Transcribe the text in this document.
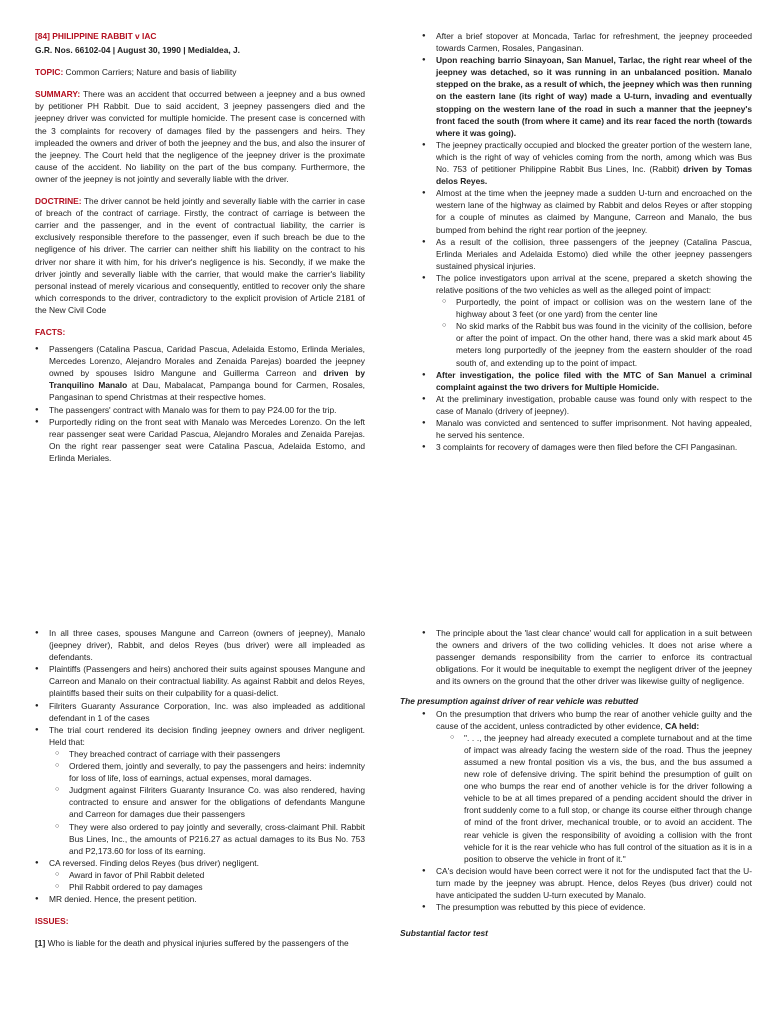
[84] PHILIPPINE RABBIT v IAC

G.R. Nos. 66102-04 | August 30, 1990 | Medialdea, J.

TOPIC: Common Carriers; Nature and basis of liability

SUMMARY: There was an accident that occurred between a jeepney and a bus owned by petitioner PH Rabbit. Due to said accident, 3 jeepney passengers died and the jeepney driver was convicted for multiple homicide. The present case is concerned with the 3 complaints for recovery of damages filed by the passengers and heirs. They impleaded the owners and driver of both the jeepney and the bus, and also the insurer of the jeepney. The Court held that the negligence of the jeepney driver is the proximate cause of the accident. No liability on the part of the bus company. Furthermore, the owner of the jeepney is not jointly and severally liable with the driver.

DOCTRINE: The driver cannot be held jointly and severally liable with the carrier in case of breach of the contract of carriage. Firstly, the contract of carriage is between the carrier and the passenger, and in the event of contractual liability, the carrier is exclusively responsible therefore to the passenger, even if such breach be due to the negligence of his driver. The carrier can neither shift his liability on the contract to his driver nor share it with him, for his driver's negligence is his. Secondly, if we make the driver jointly and severally liable with the carrier, that would make the carrier's liability personal instead of merely vicarious and consequently, entitled to recover only the share which corresponds to the driver, contradictory to the explicit provision of Article 2181 of the New Civil Code

FACTS:

● Passengers (Catalina Pascua, Caridad Pascua, Adelaida Estomo, Erlinda Meriales, Mercedes Lorenzo, Alejandro Morales and Zenaida Parejas) boarded the jeepney owned by spouses Isidro Mangune and Guillerma Carreon and driven by Tranquilino Manalo at Dau, Mabalacat, Pampanga bound for Carmen, Rosales, Pangasinan to spend Christmas at their respective homes.
● The passengers' contract with Manalo was for them to pay P24.00 for the trip.
● Purportedly riding on the front seat with Manalo was Mercedes Lorenzo. On the left rear passenger seat were Caridad Pascua, Alejandro Morales and Zenaida Parejas. On the right rear passenger seat were Catalina Pascua, Adelaida Estomo, and Erlinda Meriales.
● After a brief stopover at Moncada, Tarlac for refreshment, the jeepney proceeded towards Carmen, Rosales, Pangasinan.
● Upon reaching barrio Sinayoan, San Manuel, Tarlac, the right rear wheel of the jeepney was detached, so it was running in an unbalanced position. Manalo stepped on the brake, as a result of which, the jeepney which was then running on the eastern lane (its right of way) made a U-turn, invading and eventually stopping on the western lane of the road in such a manner that the jeepney's front faced the south (from where it came) and its rear faced the north (towards where it was going).
● The jeepney practically occupied and blocked the greater portion of the western lane, which is the right of way of vehicles coming from the north, among which was Bus No. 753 of petitioner Philippine Rabbit Bus Lines, Inc. (Rabbit) driven by Tomas delos Reyes.
● Almost at the time when the jeepney made a sudden U-turn and encroached on the western lane of the highway as claimed by Rabbit and delos Reyes or after stopping for a couple of minutes as claimed by Mangune, Carreon and Manalo, the bus bumped from behind the right rear portion of the jeepney.
● As a result of the collision, three passengers of the jeepney (Catalina Pascua, Erlinda Meriales and Adelaida Estomo) died while the other jeepney passengers sustained physical injuries.
● The police investigators upon arrival at the scene, prepared a sketch showing the relative positions of the two vehicles as well as the alleged point of impact:
○ Purportedly, the point of impact or collision was on the western lane of the highway about 3 feet (or one yard) from the center line
○ No skid marks of the Rabbit bus was found in the vicinity of the collision, before or after the point of impact. On the other hand, there was a skid mark about 45 meters long purportedly of the jeepney from the eastern shoulder of the road south of, and extending up to the point of impact.
● After investigation, the police filed with the MTC of San Manuel a criminal complaint against the two drivers for Multiple Homicide.
● At the preliminary investigation, probable cause was found only with respect to the case of Manalo (drivery of jeepney).
● Manalo was convicted and sentenced to suffer imprisonment. Not having appealed, he served his sentence.
● 3 complaints for recovery of damages were then filed before the CFI Pangasinan.
● In all three cases, spouses Mangune and Carreon (owners of jeepney), Manalo (jeepney driver), Rabbit, and delos Reyes (bus driver) were all impleaded as defendants.
● Plaintiffs (Passengers and heirs) anchored their suits against spouses Mangune and Carreon and Manalo on their contractual liability. As against Rabbit and delos Reyes, plaintiffs based their suits on their culpability for a quasi-delict.
● Filriters Guaranty Assurance Corporation, Inc. was also impleaded as additional defendant in 1 of the cases
● The trial court rendered its decision finding jeepney owners and driver negligent. Held that:
○ They breached contract of carriage with their passengers
○ Ordered them, jointly and severally, to pay the passengers and heirs: indemnity for loss of life, loss of earnings, actual expenses, moral damages.
○ Judgment against Filriters Guaranty Insurance Co. was also rendered, having contracted to ensure and answer for the obligations of defendants Mangune and Carreon for damages due their passengers
○ They were also ordered to pay jointly and severally, cross-claimant Phil. Rabbit Bus Lines, Inc., the amounts of P216.27 as actual damages to its Bus No. 753 and P2,173.60 for loss of its earning.
● CA reversed. Finding delos Reyes (bus driver) negligent.
○ Award in favor of Phil Rabbit deleted
○ Phil Rabbit ordered to pay damages
● MR denied. Hence, the present petition.

ISSUES:

[1] Who is liable for the death and physical injuries suffered by the passengers of the

● The principle about the 'last clear chance' would call for application in a suit between the owners and drivers of the two colliding vehicles. It does not arise where a passenger demands responsibility from the carrier to enforce its contractual obligations. For it would be inequitable to exempt the negligent driver of the jeepney and its owners on the ground that the other driver was likewise guilty of negligence.

The presumption against driver of rear vehicle was rebutted

● On the presumption that drivers who bump the rear of another vehicle guilty and the cause of the accident, unless contradicted by other evidence, CA held:
○ ". . ., the jeepney had already executed a complete turnabout and at the time of impact was already facing the western side of the road. Thus the jeepney assumed a new frontal position vis a vis, the bus, and the bus assumed a new role of defensive driving. The spirit behind the presumption of guilt on one who bumps the rear end of another vehicle is for the driver following a vehicle to be at all times prepared of a pending accident should the driver in front suddenly come to a full stop, or change its course either through change of mind of the front driver, mechanical trouble, or to avoid an accident. The rear vehicle is given the responsibility of avoiding a collision with the front vehicle for it is the rear vehicle who has full control of the situation as it is in a position to observe the vehicle in front of it."
● CA's decision would have been correct were it not for the undisputed fact that the U-turn made by the jeepney was abrupt. Hence, delos Reyes (bus driver) could not have anticipated the sudden U-turn executed by Manalo.
● The presumption was rebutted by this piece of evidence.

Substantial factor test
